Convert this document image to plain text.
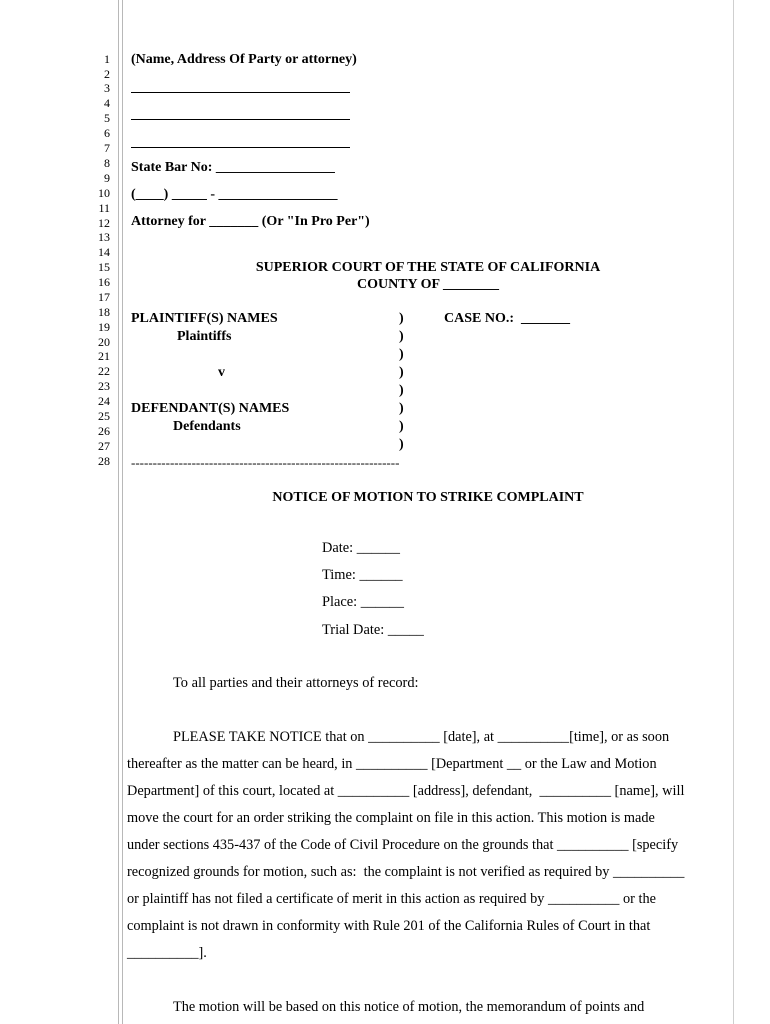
1
2
3
4
5
6
7
8
9
10
11
12
13
14
15
16
17
18
19
20
21
22
23
24
25
26
27
28
(Name, Address Of Party or attorney)
State Bar No: _________________
(____) _____ - _________________
Attorney for _______ (Or "In Pro Per")
SUPERIOR COURT OF THE STATE OF CALIFORNIA
COUNTY OF ________
PLAINTIFF(S) NAMES
Plaintiffs
v
DEFENDANT(S) NAMES
Defendants
CASE NO.:  _______
)
)
)
)
)
)
)
)
--------------------------------------------------------------
NOTICE OF MOTION TO STRIKE COMPLAINT
Date: ______
Time: ______
Place: ______
Trial Date: _____
To all parties and their attorneys of record:
PLEASE TAKE NOTICE that on __________ [date], at __________[time], or as soon
thereafter as the matter can be heard, in __________ [Department __ or the Law and Motion
Department] of this court, located at __________ [address], defendant,  __________ [name], will
move the court for an order striking the complaint on file in this action. This motion is made
under sections 435-437 of the Code of Civil Procedure on the grounds that __________ [specify
recognized grounds for motion, such as:  the complaint is not verified as required by __________
or plaintiff has not filed a certificate of merit in this action as required by __________ or the
complaint is not drawn in conformity with Rule 201 of the California Rules of Court in that
__________].
The motion will be based on this notice of motion, the memorandum of points and
